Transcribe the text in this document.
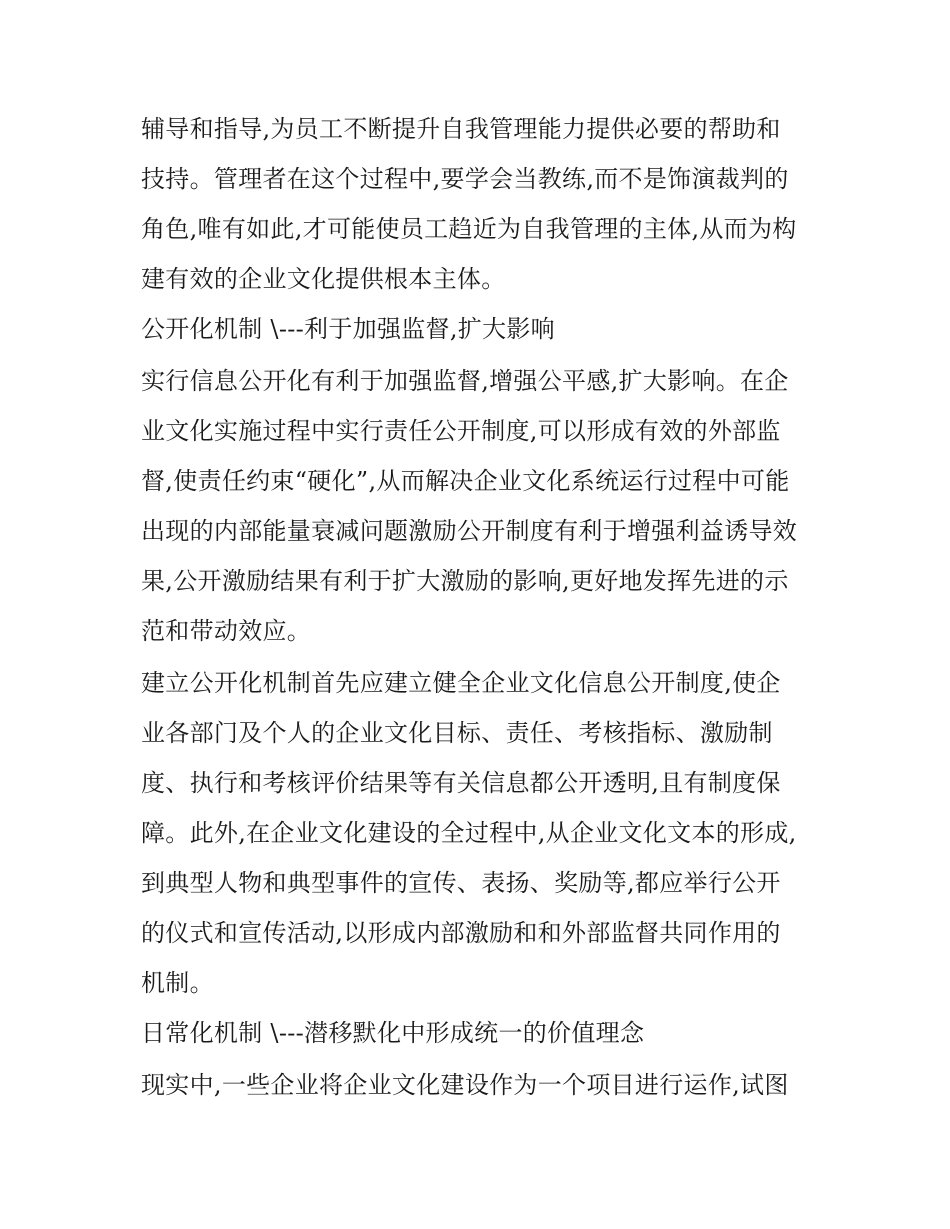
辅导和指导,为员工不断提升自我管理能力提供必要的帮助和
技持。管理者在这个过程中,要学会当教练,而不是饰演裁判的
角色,唯有如此,才可能使员工趋近为自我管理的主体,从而为构
建有效的企业文化提供根本主体。
公开化机制 \---利于加强监督,扩大影响
实行信息公开化有利于加强监督,增强公平感,扩大影响。在企
业文化实施过程中实行责任公开制度,可以形成有效的外部监
督,使责任约束“硬化”,从而解决企业文化系统运行过程中可能
出现的内部能量衰减问题激励公开制度有利于增强利益诱导效
果,公开激励结果有利于扩大激励的影响,更好地发挥先进的示
范和带动效应。
建立公开化机制首先应建立健全企业文化信息公开制度,使企
业各部门及个人的企业文化目标、责任、考核指标、激励制
度、执行和考核评价结果等有关信息都公开透明,且有制度保
障。此外,在企业文化建设的全过程中,从企业文化文本的形成,
到典型人物和典型事件的宣传、表扬、奖励等,都应举行公开
的仪式和宣传活动,以形成内部激励和和外部监督共同作用的
机制。
日常化机制 \---潜移默化中形成统一的价值理念
现实中,一些企业将企业文化建设作为一个项目进行运作,试图
